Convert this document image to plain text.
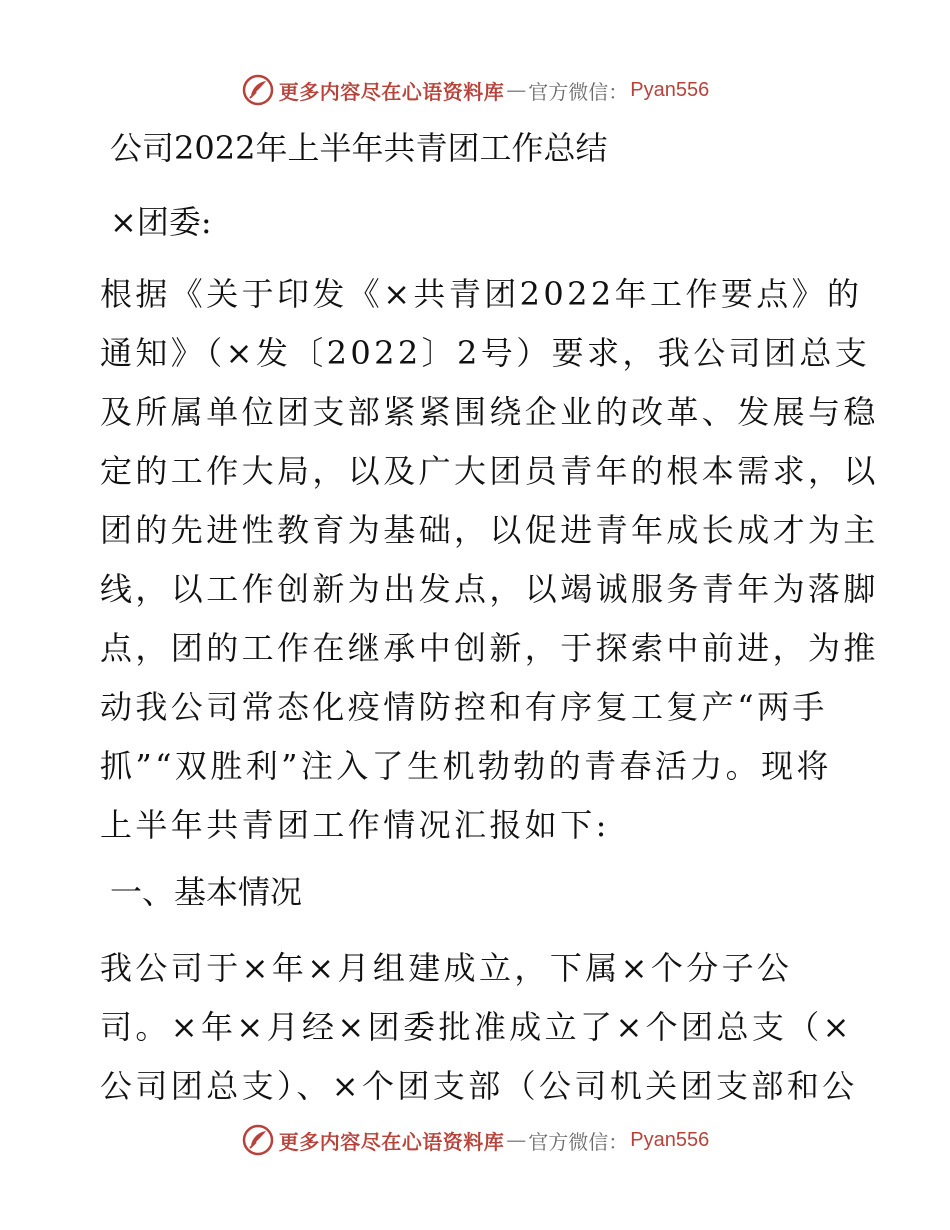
更多内容尽在心语资料库 — 官方微信： Pyan556
公司2022年上半年共青团工作总结
×团委:
根据《关于印发《×共青团2022年工作要点》的
通知》（×发〔2022〕2号）要求，我公司团总支
及所属单位团支部紧紧围绕企业的改革、发展与稳
定的工作大局，以及广大团员青年的根本需求，以
团的先进性教育为基础，以促进青年成长成才为主
线，以工作创新为出发点，以竭诚服务青年为落脚
点，团的工作在继承中创新，于探索中前进，为推
动我公司常态化疫情防控和有序复工复产“两手
抓”“双胜利”注入了生机勃勃的青春活力。现将
上半年共青团工作情况汇报如下:
一、基本情况
我公司于×年×月组建成立，下属×个分子公
司。×年×月经×团委批准成立了×个团总支（×
公司团总支）、×个团支部（公司机关团支部和公
更多内容尽在心语资料库 — 官方微信： Pyan556
